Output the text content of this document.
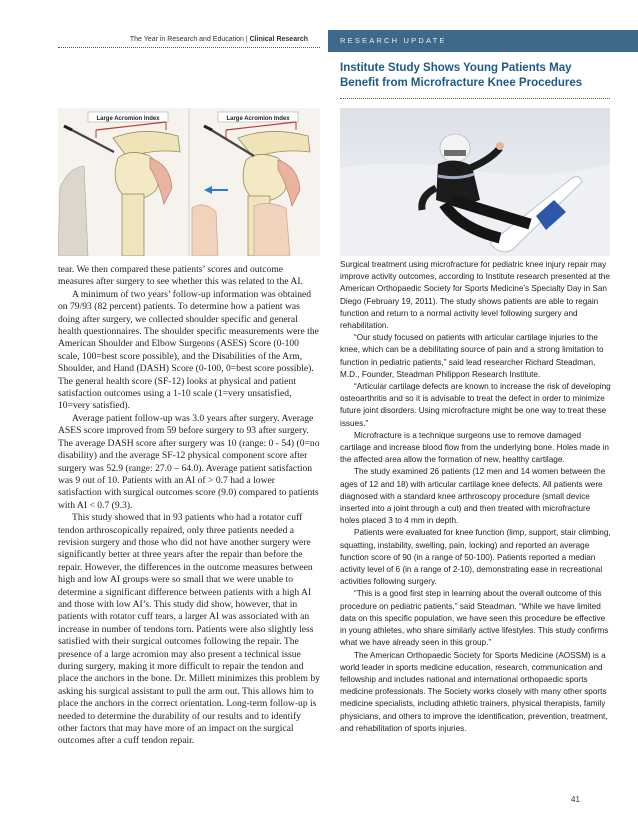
The Year in Research and Education | Clinical Research	RESEARCH UPDATE
Institute Study Shows Young Patients May Benefit from Microfracture Knee Procedures
Large Acromion Index	Large Acromion Index

tear. We then compared these patients’ scores and outcome measures after surgery to see whether this was related to the AI.

A minimum of two years’ follow-up information was obtained on 79/93 (82 percent) patients. To determine how a patient was doing after surgery, we collected shoulder specific and general health questionnaires. The shoulder specific measurements were the American Shoulder and Elbow Surgeons (ASES) Score (0-100 scale, 100=best score possible), and the Disabilities of the Arm, Shoulder, and Hand (DASH) Score (0-100, 0=best score possible). The general health score (SF-12) looks at physical and patient satisfaction outcomes using a 1-10 scale (1=very unsatisfied, 10=very satisfied).

Average patient follow-up was 3.0 years after surgery. Average ASES score improved from 59 before surgery to 93 after surgery. The average DASH score after surgery was 10 (range: 0 - 54) (0=no disability) and the average SF-12 physical component score after surgery was 52.9 (range: 27.0 – 64.0). Average patient satisfaction was 9 out of 10. Patients with an AI of > 0.7 had a lower satisfaction with surgical outcomes score (9.0) compared to patients with AI < 0.7 (9.3).

This study showed that in 93 patients who had a rotator cuff tendon arthroscopically repaired, only three patients needed a revision surgery and those who did not have another surgery were significantly better at three years after the repair than before the repair. However, the differences in the outcome measures between high and low AI groups were so small that we were unable to determine a significant difference between patients with a high AI and those with low AI’s. This study did show, however, that in patients with rotator cuff tears, a larger AI was associated with an increase in number of tendons torn. Patients were also slightly less satisfied with their surgical outcomes following the repair. The presence of a large acromion may also present a technical issue during surgery, making it more difficult to repair the tendon and place the anchors in the bone. Dr. Millett minimizes this problem by asking his surgical assistant to pull the arm out. This allows him to place the anchors in the correct orientation. Long-term follow-up is needed to determine the durability of our results and to identify other factors that may have more of an impact on the surgical outcomes after a cuff tendon repair.

Surgical treatment using microfracture for pediatric knee injury repair may improve activity outcomes, according to Institute research presented at the American Orthopaedic Society for Sports Medicine’s Specialty Day in San Diego (February 19, 2011). The study shows patients are able to regain function and return to a normal activity level following surgery and rehabilitation.

“Our study focused on patients with articular cartilage injuries to the knee, which can be a debilitating source of pain and a strong limitation to function in pediatric patients,” said lead researcher Richard Steadman, M.D., Founder, Steadman Philippon Research Institute.

“Articular cartilage defects are known to increase the risk of developing osteoarthritis and so it is advisable to treat the defect in order to minimize future joint disorders. Using microfracture might be one way to treat these issues.”

Microfracture is a technique surgeons use to remove damaged cartilage and increase blood flow from the underlying bone. Holes made in the affected area allow the formation of new, healthy cartilage.

The study examined 26 patients (12 men and 14 women between the ages of 12 and 18) with articular cartilage knee defects. All patients were diagnosed with a standard knee arthroscopy procedure (small device inserted into a joint through a cut) and then treated with microfracture holes placed 3 to 4 mm in depth.

Patients were evaluated for knee function (limp, support, stair climbing, squatting, instability, swelling, pain, locking) and reported an average function score of 90 (in a range of 50-100). Patients reported a median activity level of 6 (in a range of 2-10), demonstrating ease in recreational activities following surgery.

“This is a good first step in learning about the overall outcome of this procedure on pediatric patients,” said Steadman. “While we have limited data on this specific population, we have seen this procedure be effective in young athletes, who share similarly active lifestyles. This study confirms what we have already seen in this group.”

The American Orthopaedic Society for Sports Medicine (AOSSM) is a world leader in sports medicine education, research, communication and fellowship and includes national and international orthopaedic sports medicine professionals. The Society works closely with many other sports medicine specialists, including athletic trainers, physical therapists, family physicians, and others to improve the identification, prevention, treatment, and rehabilitation of sports injuries.

41
